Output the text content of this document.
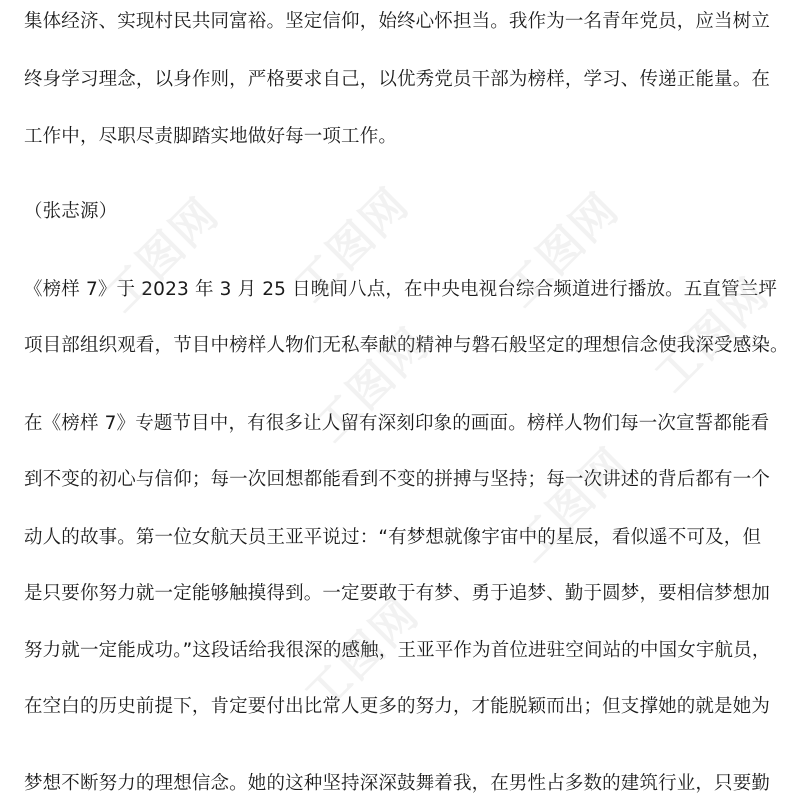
集体经济、实现村民共同富裕。坚定信仰，始终心怀担当。我作为一名青年党员，应当树立
终身学习理念，以身作则，严格要求自己，以优秀党员干部为榜样，学习、传递正能量。在
工作中，尽职尽责脚踏实地做好每一项工作。
（张志源）
《榜样 7》于 2023 年 3 月 25 日晚间八点，在中央电视台综合频道进行播放。五直管兰坪
项目部组织观看，节目中榜样人物们无私奉献的精神与磐石般坚定的理想信念使我深受感染。
在《榜样 7》专题节目中，有很多让人留有深刻印象的画面。榜样人物们每一次宣誓都能看
到不变的初心与信仰；每一次回想都能看到不变的拼搏与坚持；每一次讲述的背后都有一个
动人的故事。第一位女航天员王亚平说过：“有梦想就像宇宙中的星辰，看似遥不可及，但
是只要你努力就一定能够触摸得到。一定要敢于有梦、勇于追梦、勤于圆梦，要相信梦想加
努力就一定能成功。”这段话给我很深的感触，王亚平作为首位进驻空间站的中国女宇航员，
在空白的历史前提下，肯定要付出比常人更多的努力，才能脱颖而出；但支撑她的就是她为
梦想不断努力的理想信念。她的这种坚持深深鼓舞着我，在男性占多数的建筑行业，只要勤
工图网 工图网 工图网
工图网
工图网
工图网
工图网
